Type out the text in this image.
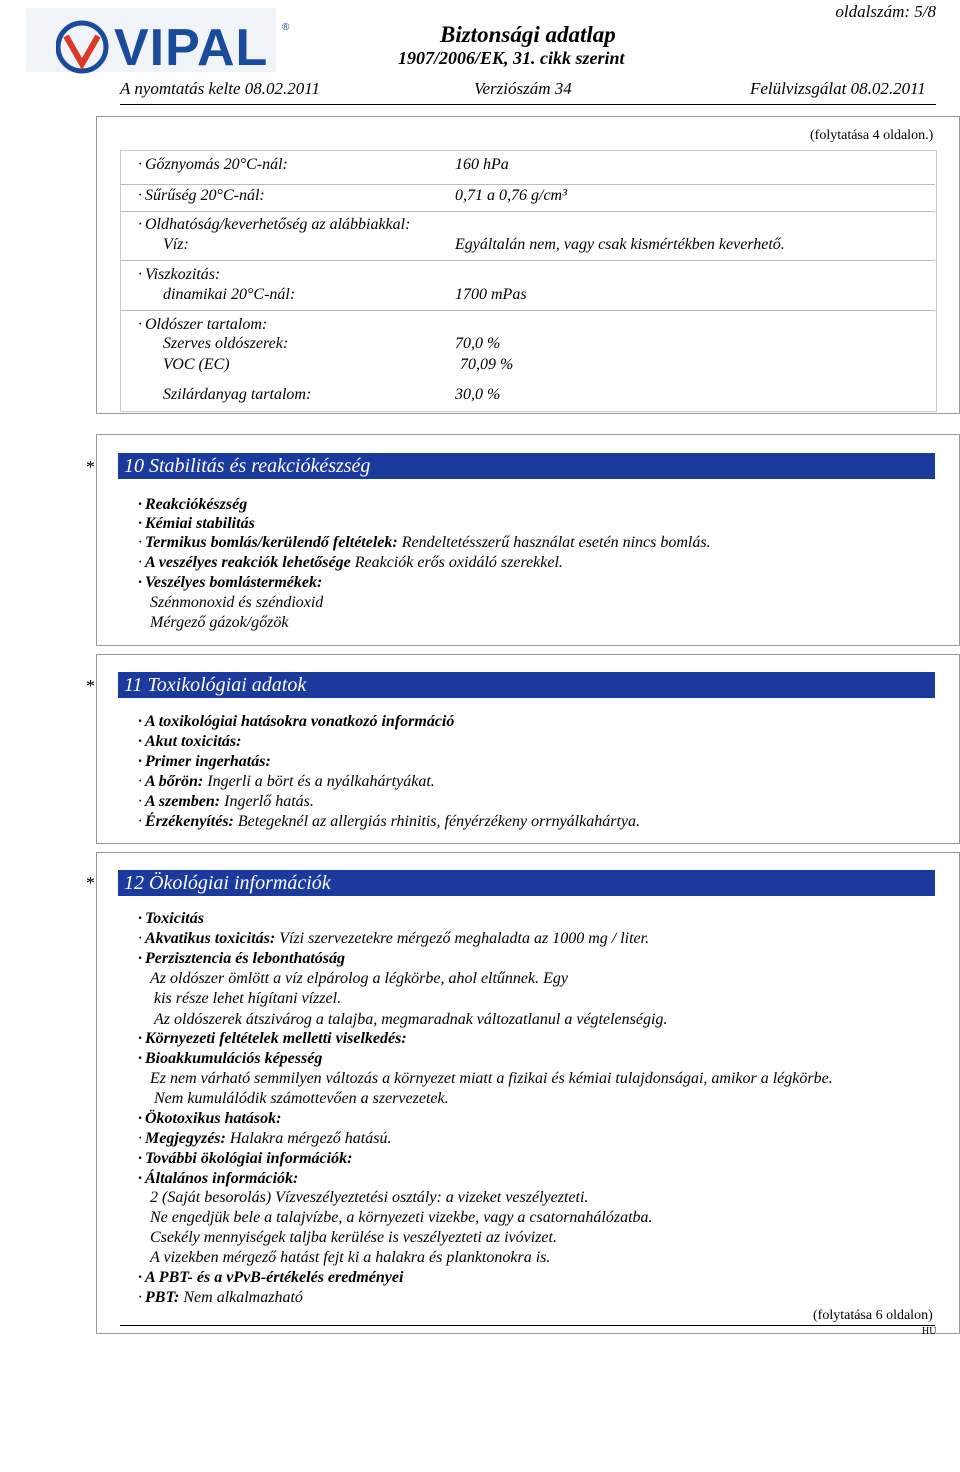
VIPAL ®	Biztonsági adatlap
1907/2006/EK, 31. cikk szerint
oldalszám: 5/8
A nyomtatás kelte 08.02.2011	Verziószám 34	Felülvizsgálat 08.02.2011
(folytatása 4 oldalon.)
· Gőznyomás 20°C-nál:	160 hPa
· Sűrűség 20°C-nál:	0,71 a 0,76 g/cm³
· Oldhatóság/keverhetőség az alábbiakkal:
Víz:	Egyáltalán nem, vagy csak kismértékben keverhető.
· Viszkozitás:
dinamikai 20°C-nál:	1700 mPas
· Oldószer tartalom:
Szerves oldószerek:	70,0 %
VOC (EC)	70,09 %
Szilárdanyag tartalom:	30,0 %
*	10 Stabilitás és reakciókészség
· Reakciókészség
· Kémiai stabilitás
· Termikus bomlás/kerülendő feltételek: Rendeltetésszerű használat esetén nincs bomlás.
· A veszélyes reakciók lehetősége Reakciók erős oxidáló szerekkel.
· Veszélyes bomlástermékek:
Szénmonoxid és széndioxid
Mérgező gázok/gőzök
*	11 Toxikológiai adatok
· A toxikológiai hatásokra vonatkozó információ
· Akut toxicitás:
· Primer ingerhatás:
· A bőrön: Ingerli a bört és a nyálkahártyákat.
· A szemben: Ingerlő hatás.
· Érzékenyítés: Betegeknél az allergiás rhinitis, fényérzékeny orrnyálkahártya.
*	12 Ökológiai információk
· Toxicitás
· Akvatikus toxicitás: Vízi szervezetekre mérgező meghaladta az 1000 mg / liter.
· Perzisztencia és lebonthatóság
Az oldószer ömlött a víz elpárolog a légkörbe, ahol eltűnnek. Egy
kis része lehet hígítani vízzel.
Az oldószerek átszivárog a talajba, megmaradnak változatlanul a végtelenségig.
· Környezeti feltételek melletti viselkedés:
· Bioakkumulációs képesség
Ez nem várható semmilyen változás a környezet miatt a fizikai és kémiai tulajdonságai, amikor a légkörbe.
Nem kumulálódik számottevően a szervezetek.
· Ökotoxikus hatások:
· Megjegyzés: Halakra mérgező hatású.
· További ökológiai információk:
· Általános információk:
2 (Saját besorolás) Vízveszélyeztetési osztály: a vizeket veszélyezteti.
Ne engedjük bele a talajvízbe, a környezeti vizekbe, vagy a csatornahálózatba.
Csekély mennyiségek taljba kerülése is veszélyezteti az ivóvizet.
A vizekben mérgező hatást fejt ki a halakra és planktonokra is.
· A PBT- és a vPvB-értékelés eredményei
· PBT: Nem alkalmazható
(folytatása 6 oldalon)
HU
